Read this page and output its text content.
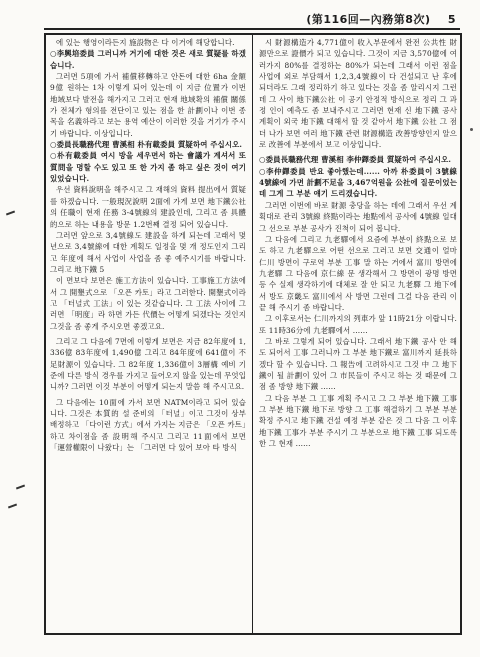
(第116回—內務第8次) 5

에 있는 행영이라든지 施設物은 다 이거에 해당합니다.

○李興培委員 그러니까 거기에 대한 것은 새로 質疑를 하겠습니다.

그러면 5項에 가서 補償移轉하고 안돈에 대한 6ha 金額 9億 원하는 1차 이렇게 되어 있는데 이 지금 位置가 이번 地域보다 발전을 해가지고 그러고 현재 地域확의 補償 關係가 전체가 형의를 전단이고 있는 점을 한 計劃이나 이번 종목을 名義하라고 보는 용역 예산이 이러한 것을 거기가 주시기 바랍니다. 이상입니다.

○委員長職務代理 曹溪相 朴有載委員 質疑하여 주십시오.

○朴有載委員 여시 방을 세우면서 하는 會議가 계셔서 또 質問을 명할 수도 있고 또 한 가지 좀 하고 싶은 것이 여기 있었습니다.

우선 資料說明을 해주시고 그 재해의 資料 提出에서 質疑를 하겠습니다. 一般現況說明 2面에 가게 보면 地下鐵公社의 任職이 현재 任務 3-4號線의 建設인데, 그리고 좀 具體的으로 하는 내용을 방문 1.2번째 결정 되어 있습니다.

그러면 앞으로 3,4號線도 建設을 하게 되는데 고래서 몇 년으로 3,4號線에 대한 계획도 일정을 몇 개 정도인지 그리고 年度에 해서 사업이 사업을 좀 좋 예주시기를 바랍니다. 그리고 地下鐵 5

이 면보다 보면은 施工方法이 있습니다. 工事施工方法에서 그 開墾式으로 「오픈 카토」라고 그러한다. 開墾式이라고 「터널式 工法」이 있는 것같습니다. 그 工法 사이에 그러면 「明度」라 하면 가든 代價는 어떻게 되겠다는 것인지 그것을 좀 좋게 주시오면 좋겠고요.

그리고 그 다음에 7면에 이렇게 보면은 지금 82年度에 1,336億 83年度에 1,490億 그리고 84年度에 641億이 不足財源이 있습니다. 그 82年度 1,336億이 3層構 예비 기준에 다른 방식 경우를 가지고 들어오지 않을 있는데 무엇입니까? 그러면 이것 부분이 어떻게 되는지 말씀 해 주시고요.

그 다음에는 10面에 가서 보면 NATM이라고 되어 있습니다. 그것은 本質的 설 준비의 「터널」이고 그것이 상부 배정하고 「다이런 方式」에서 가지는 지금은 「오픈 카트」하고 차이점을 좀 設明해 주시고 그리고 11面에서 보면 「運營權限이 나왔다」는 「그러면 다 있어 보아 타 방식

시 財源構造가 4,771億이 收入부문에서 완전 公共性 財源만으로 證價가 되고 있습니다. 그것이 지금 3,570億에 여러가지 80%를 결정하는 80%가 되는데 그래서 이런 점을 사업에 외로 부담해서 1,2,3,4號線이 다 건설되고 난 후에 되더라도 그래 정리하기 하고 있다는 것을 좀 알리시지 그런데 그 사이 地下鐵公社 이 공기 안정적 방식으로 정리 그 과정 인이 예측도 좀 보내주시고 그러면 현재 신 地下鐵 공사 계획이 외국 地下鐵 대해서 할 것 같아서 地下鐵 公社 그 점 더 나가 보면 여러 地下鐵 관련 財源構造 改善방향인지 알으로 改善에 부분에서 보고 이상입니다.

○委員長職務代理 曹溪相 李仲鐸委員 質疑하여 주십시오.

○李仲鐸委員 반요 좋아했는데...... 아까 朴委員이 3號線 4號線에 가면 計劃不足을 3,467억원을 公社에 질문이었는데 그게 그 부분 얘기 드리겠습니다.

그러면 이번에 바로 財源 충당을 하는 데에 그래서 우선 계획대로 관리 3號線 終點이라는 地點에서 공사에 4號線 일대 그 선으로 부분 공사가 진척이 되어 봅니다.

그 다음에 그리고 九老驛에서 요즘에 부분이 終點으로 보도 하고 九老驛으로 어떤 선으로 그러고 보면 交通이 얼마 仁川 방면이 구로역 부분 工事 말 하는 거에서 富川 방면에 九老驛 그 다음에 京仁線 문 생각해서 그 방면이 광명 방면 등 수 실제 생각하기에 대체로 잘 안 되고 九老驛 그 地下에서 방도 京畿도 富川에서 사 방면 그런데 그걸 다음 관리 이 끝 해 주시기 좀 바랍니다.

그 이후로서는 仁川까지의 列車가 앞 11時21分 이랍니다. 또 11時36分에 九老驛에서 ......

그 바로 그렇게 되어 있습니다. 그래서 地下鐵 공사 안 해도 되어서 工事 그러니까 그 부분 地下鐵로 富川까지 延長하겠다 할 수 있습니다. 그 報告에 고려하시고 그것 中 그 地下鐵이 될 計劃이 있어 그 市民들이 주시고 하는 것 때문에 그 점 좀 방향 地下鐵 ......

그 다음 부분 그 工事 계획 주시고 그 그 부분 地下鐵 工事 그 부분 地下鐵 地下로 방향 그 工事 해결하기 그 부분 부분 확정 주시고 地下鐵 건설 예정 부분 같은 것 그 다음 그 이후 地下鐵 工事가 부분 주시기 그 부분으로 地下鐵 工事 되도록 한 그 현재 ......
